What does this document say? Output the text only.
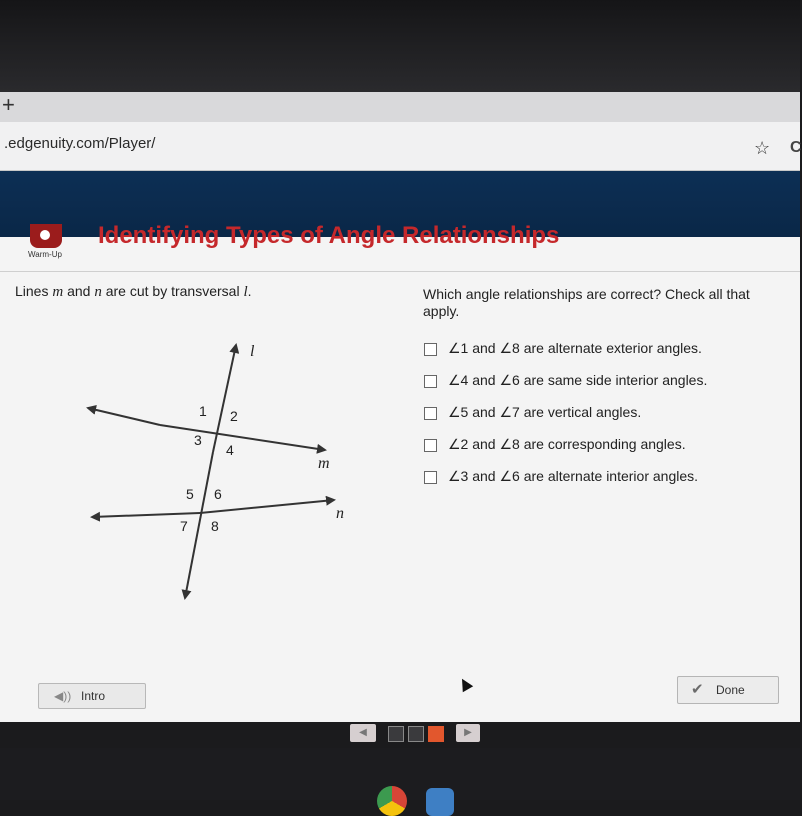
+
.edgenuity.com/Player/	☆ C
Identifying Types of Angle Relationships
Warm-Up
Lines m and n are cut by transversal l.
l
m
n
1 2
3
4
5 6
7 8
Which angle relationships are correct? Check all that apply.
∠1 and ∠8 are alternate exterior angles.
∠4 and ∠6 are same side interior angles.
∠5 and ∠7 are vertical angles.
∠2 and ∠8 are corresponding angles.
∠3 and ∠6 are alternate interior angles.
◀)) Intro	✔ Done
◀	▶
